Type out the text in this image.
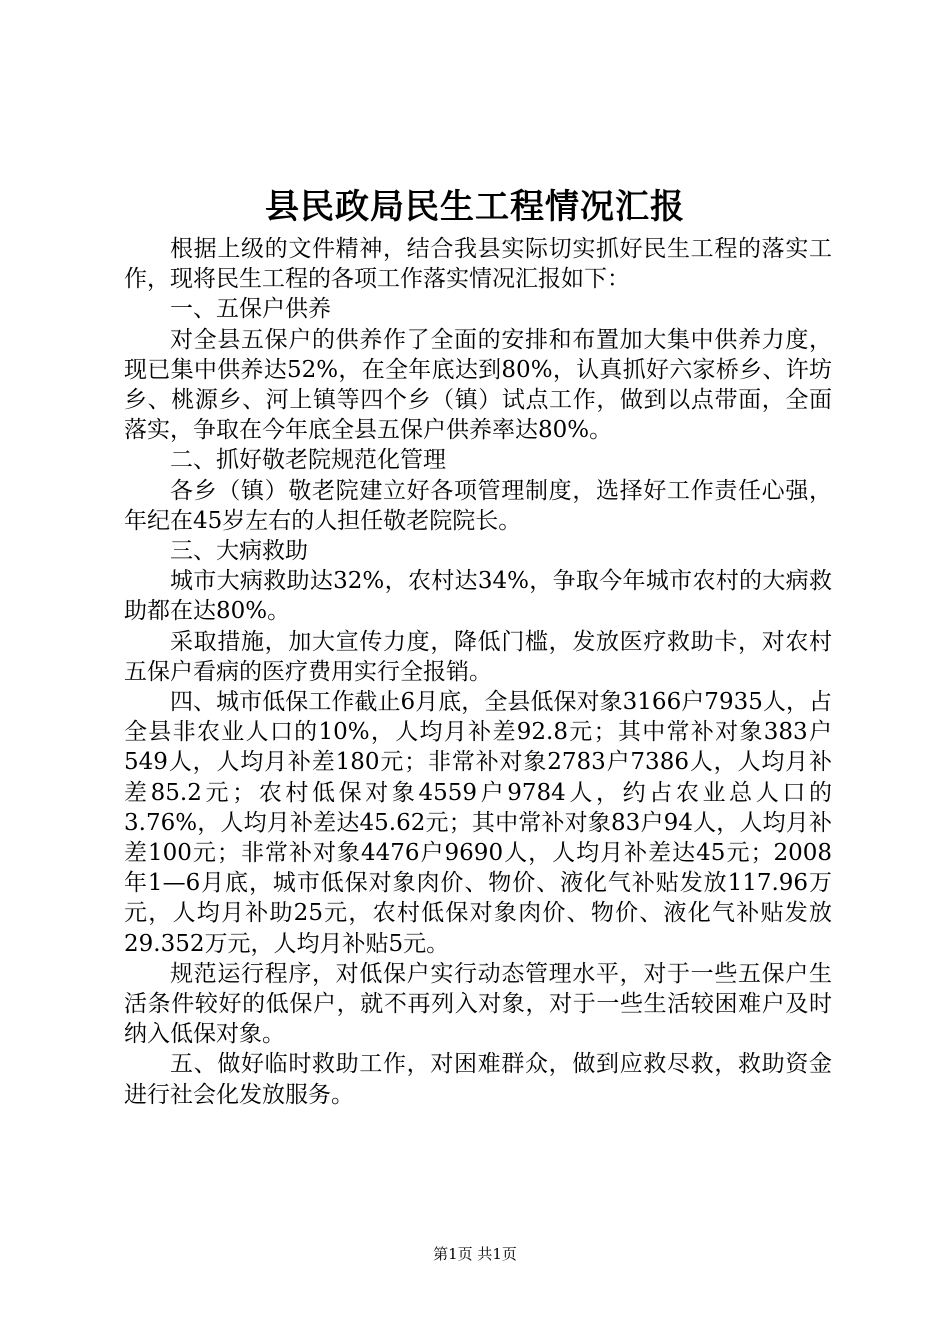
县民政局民生工程情况汇报

根据上级的文件精神，结合我县实际切实抓好民生工程的落实工作，现将民生工程的各项工作落实情况汇报如下：

一、五保户供养

对全县五保户的供养作了全面的安排和布置加大集中供养力度，现已集中供养达52%，在全年底达到80%，认真抓好六家桥乡、许坊乡、桃源乡、河上镇等四个乡（镇）试点工作，做到以点带面，全面落实，争取在今年底全县五保户供养率达80%。

二、抓好敬老院规范化管理

各乡（镇）敬老院建立好各项管理制度，选择好工作责任心强，年纪在45岁左右的人担任敬老院院长。

三、大病救助

城市大病救助达32%，农村达34%，争取今年城市农村的大病救助都在达80%。

采取措施，加大宣传力度，降低门槛，发放医疗救助卡，对农村五保户看病的医疗费用实行全报销。

四、城市低保工作截止6月底，全县低保对象3166户7935人，占全县非农业人口的10%，人均月补差92.8元；其中常补对象383户549人，人均月补差180元；非常补对象2783户7386人，人均月补差85.2元；农村低保对象4559户9784人，约占农业总人口的3.76%，人均月补差达45.62元；其中常补对象83户94人，人均月补差100元；非常补对象4476户9690人，人均月补差达45元；2008年1—6月底，城市低保对象肉价、物价、液化气补贴发放117.96万元，人均月补助25元，农村低保对象肉价、物价、液化气补贴发放29.352万元，人均月补贴5元。

规范运行程序，对低保户实行动态管理水平，对于一些五保户生活条件较好的低保户，就不再列入对象，对于一些生活较困难户及时纳入低保对象。

五、做好临时救助工作，对困难群众，做到应救尽救，救助资金进行社会化发放服务。

第1页 共1页
